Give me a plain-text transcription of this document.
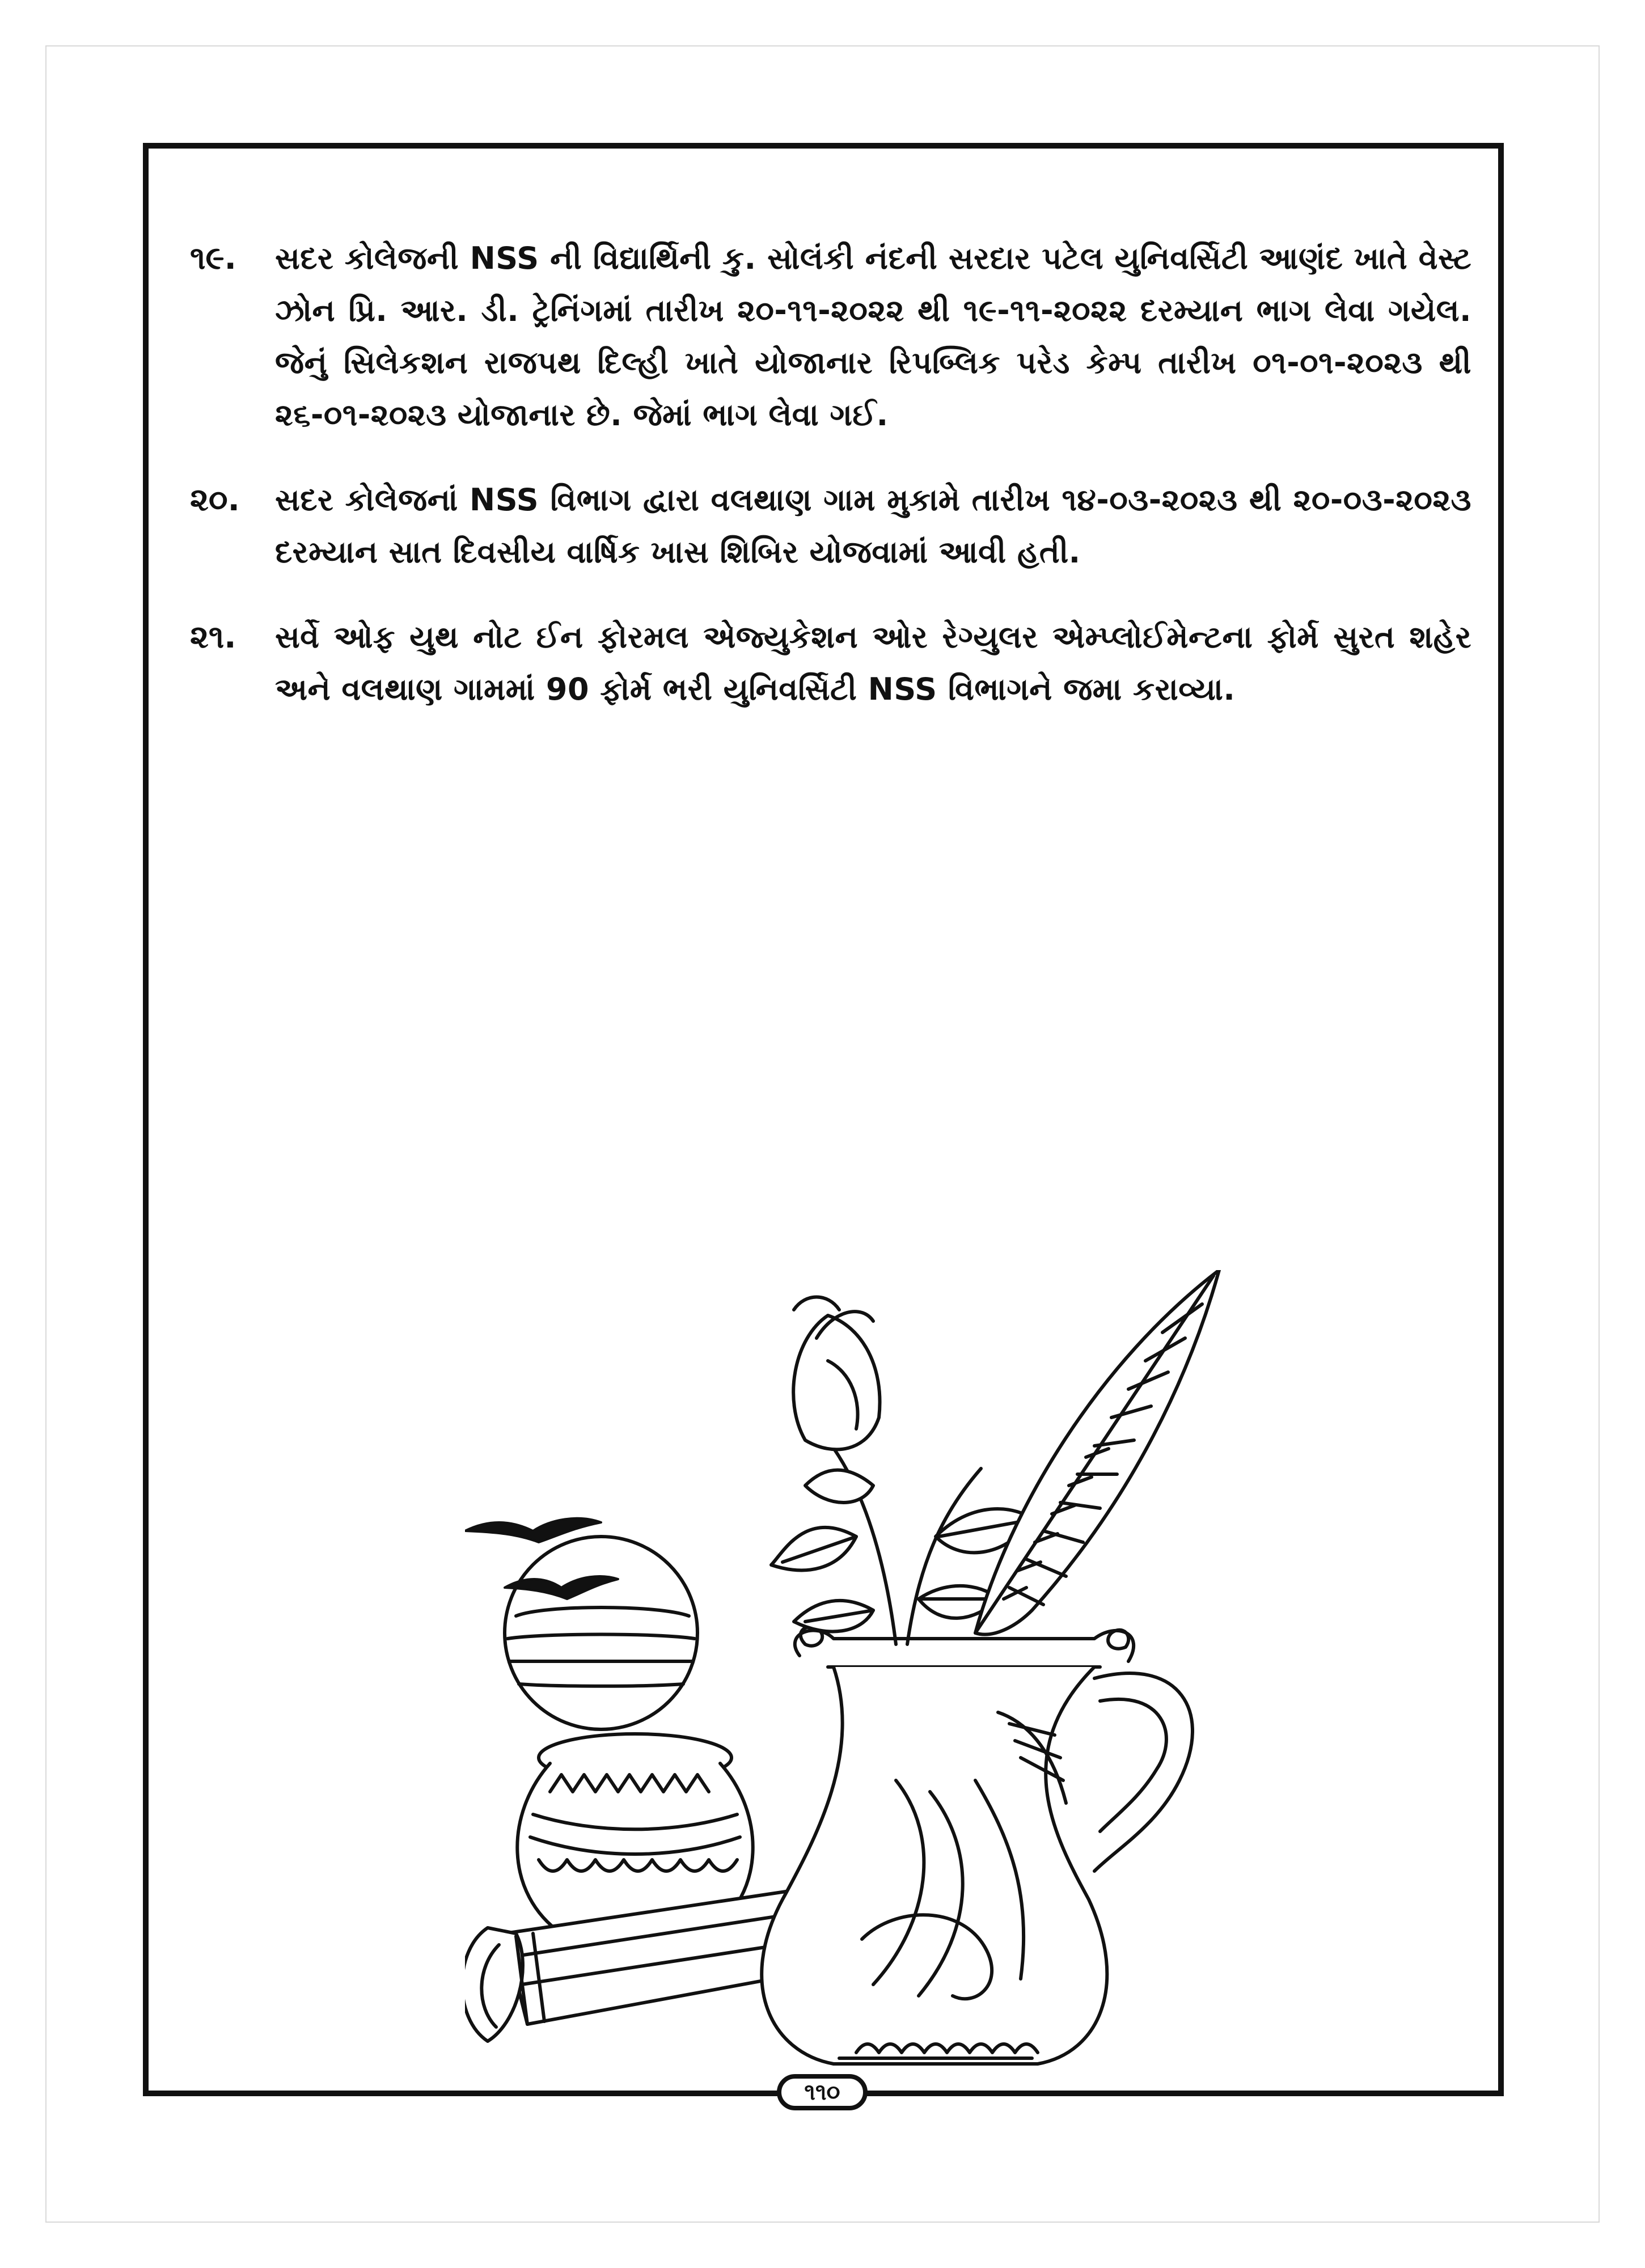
૧૯.	સદર કોલેજની NSS ની વિદ્યાર્થિની કુ. સોલંકી નંદની સરદાર પટેલ યુનિવર્સિટી આણંદ ખાતે વેસ્ટ ઝોન પ્રિ. આર. ડી. ટ્રેનિંગમાં તારીખ ૨૦-૧૧-૨૦૨૨ થી ૧૯-૧૧-૨૦૨૨ દરમ્યાન ભાગ લેવા ગયેલ. જેનું સિલેકશન રાજપથ દિલ્હી ખાતે યોજાનાર રિપબ્લિક પરેડ કેમ્પ તારીખ ૦૧-૦૧-૨૦૨૩ થી ૨૬-૦૧-૨૦૨૩ યોજાનાર છે. જેમાં ભાગ લેવા ગઈ.
૨૦.	સદર કોલેજનાં NSS વિભાગ દ્વારા વલથાણ ગામ મુકામે તારીખ ૧૪-૦૩-૨૦૨૩ થી ૨૦-૦૩-૨૦૨૩ દરમ્યાન સાત દિવસીય વાર્ષિક ખાસ શિબિર યોજવામાં આવી હતી.
૨૧.	સર્વે ઓફ યુથ નોટ ઈન ફોરમલ એજ્યુકેશન ઓર રેગ્યુલર એમ્પ્લોઈમેન્ટના ફોર્મ સુરત શહેર અને વલથાણ ગામમાં 90 ફોર્મ ભરી યુનિવર્સિટી NSS વિભાગને જમા કરાવ્યા.
૧૧૦
